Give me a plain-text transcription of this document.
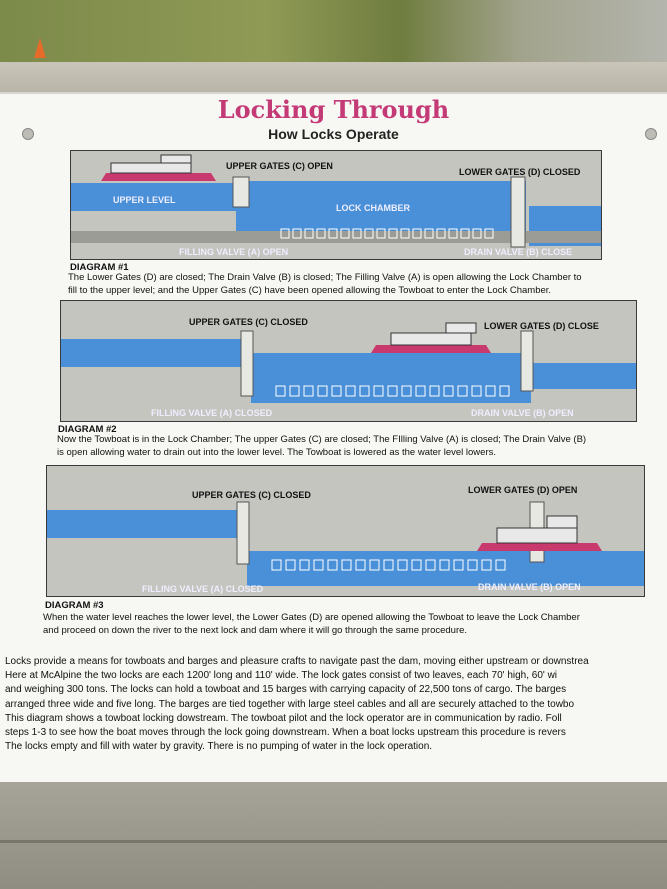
Locking Through
How Locks Operate
UPPER GATES (C) OPEN
LOWER GATES (D) CLOSED
UPPER LEVEL
LOCK CHAMBER
FILLING VALVE (A) OPEN	DRAIN VALVE (B) CLOSE
DIAGRAM #1
The Lower Gates (D) are closed; The Drain Valve (B) is closed; The Filling Valve (A) is open allowing the Lock Chamber to
fill to the upper level; and the Upper Gates (C) have been opened allowing the Towboat to enter the Lock Chamber.
UPPER GATES (C) CLOSED	LOWER GATES (D) CLOSE
FILLING VALVE (A) CLOSED	DRAIN VALVE (B) OPEN
DIAGRAM #2
Now the Towboat is in the Lock Chamber; The upper Gates (C) are closed; The FIlling Valve (A) is closed; The Drain Valve (B)
is open allowing water to drain out into the lower level. The Towboat is lowered as the water level lowers.
UPPER GATES (C) CLOSED	LOWER GATES (D) OPEN
FILLING VALVE (A) CLOSED	DRAIN VALVE (B) OPEN
DIAGRAM #3
When the water level reaches the lower level, the Lower Gates (D) are opened allowing the Towboat to leave the Lock Chamber
and proceed on down the river to the next lock and dam where it will go through the same procedure.
Locks provide a means for towboats and barges and pleasure crafts to navigate past the dam, moving either upstream or downstrea
Here at McAlpine the two locks are each 1200' long and 110' wide. The lock gates consist of two leaves, each 70' high, 60' wi
and weighing 300 tons. The locks can hold a towboat and 15 barges with carrying capacity of 22,500 tons of cargo. The barges
arranged three wide and five long. The barges are tied together with large steel cables and all are securely attached to the towbo
This diagram shows a towboat locking dowstream. The towboat pilot and the lock operator are in communication by radio. Foll
steps 1-3 to see how the boat moves through the lock going downstream. When a boat locks upstream this procedure is revers
The locks empty and fill with water by gravity. There is no pumping of water in the lock operation.
